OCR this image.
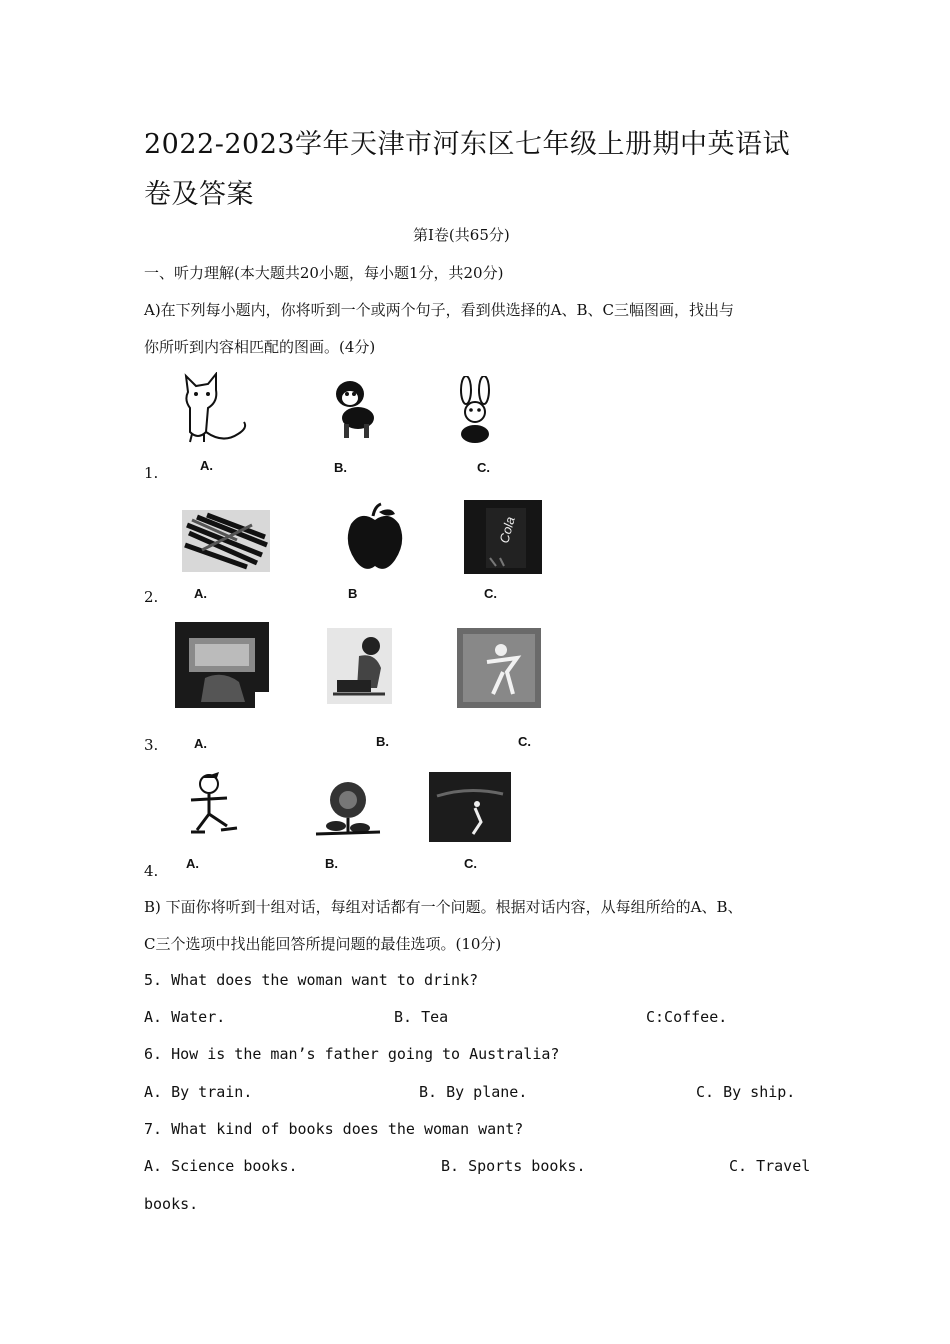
2022-2023学年天津市河东区七年级上册期中英语试卷及答案
第I卷(共65分)
一、听力理解(本大题共20小题，每小题1分，共20分)
A)在下列每小题内，你将听到一个或两个句子，看到供选择的A、B、C三幅图画，找出与
你所听到内容相匹配的图画。(4分)
1.	A.	B.	C.
2.
Cola
A.	B	C.
3.	A.	B.	C.
4. A.	B.	C.
B) 下面你将听到十组对话，每组对话都有一个问题。根据对话内容，从每组所给的A、B、
C三个选项中找出能回答所提问题的最佳选项。(10分)
5. What does the woman want to drink?
A. Water.	B. Tea	C:Coffee.
6. How is the man’s father going to Australia?
A. By train.	B. By plane.	C. By ship.
7. What kind of books does the woman want?
A. Science books.	B. Sports books.	C. Travel
books.
